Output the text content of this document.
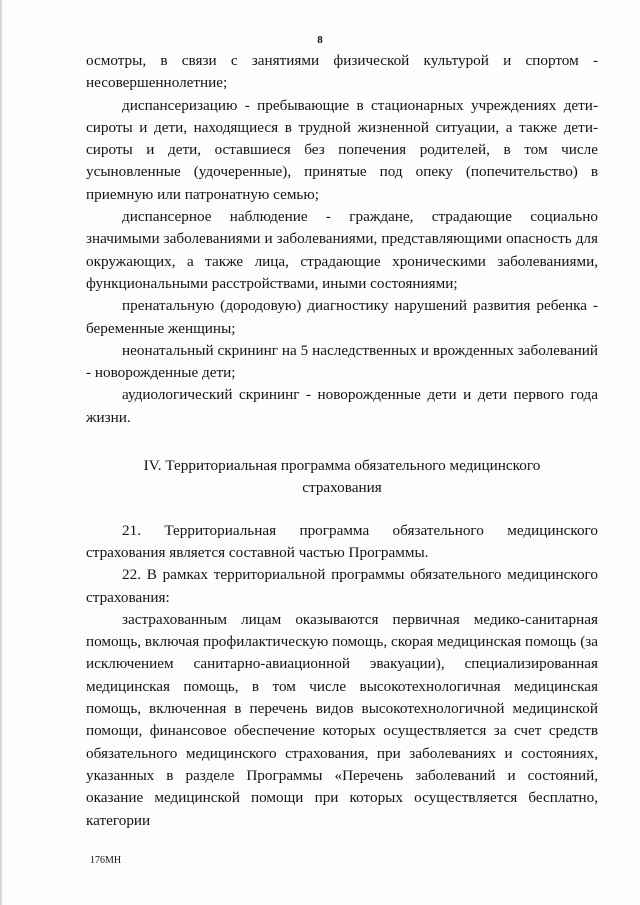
8

осмотры, в связи с занятиями физической культурой и спортом - несовершеннолетние;

диспансеризацию - пребывающие в стационарных учреждениях дети-сироты и дети, находящиеся в трудной жизненной ситуации, а также дети-сироты и дети, оставшиеся без попечения родителей, в том числе усыновленные (удочеренные), принятые под опеку (попечительство) в приемную или патронатную семью;

диспансерное наблюдение - граждане, страдающие социально значимыми заболеваниями и заболеваниями, представляющими опасность для окружающих, а также лица, страдающие хроническими заболеваниями, функциональными расстройствами, иными состояниями;

пренатальную (дородовую) диагностику нарушений развития ребенка - беременные женщины;

неонатальный скрининг на 5 наследственных и врожденных заболеваний - новорожденные дети;

аудиологический скрининг - новорожденные дети и дети первого года жизни.

IV. Территориальная программа обязательного медицинского
страхования

21. Территориальная программа обязательного медицинского страхования является составной частью Программы.

22. В рамках территориальной программы обязательного медицинского страхования:

застрахованным лицам оказываются первичная медико-санитарная помощь, включая профилактическую помощь, скорая медицинская помощь (за исключением санитарно-авиационной эвакуации), специализированная медицинская помощь, в том числе высокотехнологичная медицинская помощь, включенная в перечень видов высокотехнологичной медицинской помощи, финансовое обеспечение которых осуществляется за счет средств обязательного медицинского страхования, при заболеваниях и состояниях, указанных в разделе Программы «Перечень заболеваний и состояний, оказание медицинской помощи при которых осуществляется бесплатно, категории

176МН
